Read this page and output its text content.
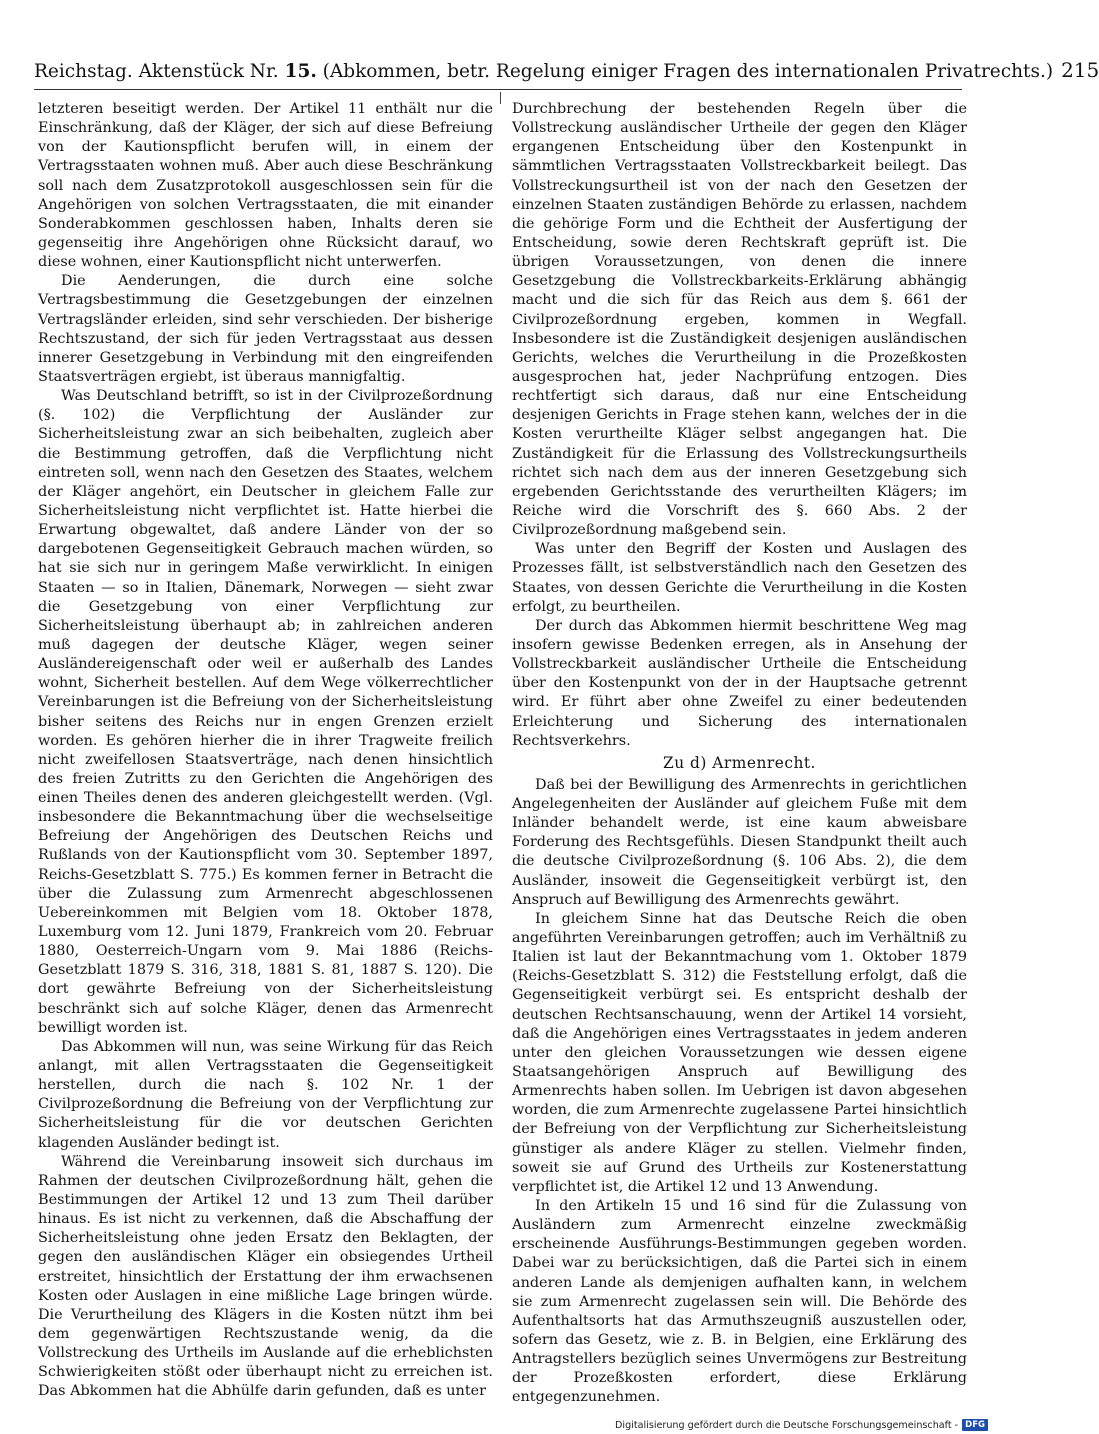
Reichstag. Aktenstück Nr. 15. (Abkommen, betr. Regelung einiger Fragen des internationalen Privatrechts.) 215

letzteren beseitigt werden. Der Artikel 11 enthält nur die Einschränkung, daß der Kläger, der sich auf diese Befreiung von der Kautionspflicht berufen will, in einem der Vertragsstaaten wohnen muß. Aber auch diese Beschränkung soll nach dem Zusatzprotokoll ausgeschlossen sein für die Angehörigen von solchen Vertragsstaaten, die mit einander Sonderabkommen geschlossen haben, Inhalts deren sie gegenseitig ihre Angehörigen ohne Rücksicht darauf, wo diese wohnen, einer Kautionspflicht nicht unterwerfen.

Die Aenderungen, die durch eine solche Vertragsbestimmung die Gesetzgebungen der einzelnen Vertragsländer erleiden, sind sehr verschieden. Der bisherige Rechtszustand, der sich für jeden Vertragsstaat aus dessen innerer Gesetzgebung in Verbindung mit den eingreifenden Staatsverträgen ergiebt, ist überaus mannigfaltig.

Was Deutschland betrifft, so ist in der Civilprozeßordnung (§. 102) die Verpflichtung der Ausländer zur Sicherheitsleistung zwar an sich beibehalten, zugleich aber die Bestimmung getroffen, daß die Verpflichtung nicht eintreten soll, wenn nach den Gesetzen des Staates, welchem der Kläger angehört, ein Deutscher in gleichem Falle zur Sicherheitsleistung nicht verpflichtet ist. Hatte hierbei die Erwartung obgewaltet, daß andere Länder von der so dargebotenen Gegenseitigkeit Gebrauch machen würden, so hat sie sich nur in geringem Maße verwirklicht. In einigen Staaten — so in Italien, Dänemark, Norwegen — sieht zwar die Gesetzgebung von einer Verpflichtung zur Sicherheitsleistung überhaupt ab; in zahlreichen anderen muß dagegen der deutsche Kläger, wegen seiner Ausländereigenschaft oder weil er außerhalb des Landes wohnt, Sicherheit bestellen. Auf dem Wege völkerrechtlicher Vereinbarungen ist die Befreiung von der Sicherheitsleistung bisher seitens des Reichs nur in engen Grenzen erzielt worden. Es gehören hierher die in ihrer Tragweite freilich nicht zweifellosen Staatsverträge, nach denen hinsichtlich des freien Zutritts zu den Gerichten die Angehörigen des einen Theiles denen des anderen gleichgestellt werden. (Vgl. insbesondere die Bekanntmachung über die wechselseitige Befreiung der Angehörigen des Deutschen Reichs und Rußlands von der Kautionspflicht vom 30. September 1897, Reichs-Gesetzblatt S. 775.) Es kommen ferner in Betracht die über die Zulassung zum Armenrecht abgeschlossenen Uebereinkommen mit Belgien vom 18. Oktober 1878, Luxemburg vom 12. Juni 1879, Frankreich vom 20. Februar 1880, Oesterreich-Ungarn vom 9. Mai 1886 (Reichs-Gesetzblatt 1879 S. 316, 318, 1881 S. 81, 1887 S. 120). Die dort gewährte Befreiung von der Sicherheitsleistung beschränkt sich auf solche Kläger, denen das Armenrecht bewilligt worden ist.

Das Abkommen will nun, was seine Wirkung für das Reich anlangt, mit allen Vertragsstaaten die Gegenseitigkeit herstellen, durch die nach §. 102 Nr. 1 der Civilprozeßordnung die Befreiung von der Verpflichtung zur Sicherheitsleistung für die vor deutschen Gerichten klagenden Ausländer bedingt ist.

Während die Vereinbarung insoweit sich durchaus im Rahmen der deutschen Civilprozeßordnung hält, gehen die Bestimmungen der Artikel 12 und 13 zum Theil darüber hinaus. Es ist nicht zu verkennen, daß die Abschaffung der Sicherheitsleistung ohne jeden Ersatz den Beklagten, der gegen den ausländischen Kläger ein obsiegendes Urtheil erstreitet, hinsichtlich der Erstattung der ihm erwachsenen Kosten oder Auslagen in eine mißliche Lage bringen würde. Die Verurtheilung des Klägers in die Kosten nützt ihm bei dem gegenwärtigen Rechtszustande wenig, da die Vollstreckung des Urtheils im Auslande auf die erheblichsten Schwierigkeiten stößt oder überhaupt nicht zu erreichen ist. Das Abkommen hat die Abhülfe darin gefunden, daß es unter

Durchbrechung der bestehenden Regeln über die Vollstreckung ausländischer Urtheile der gegen den Kläger ergangenen Entscheidung über den Kostenpunkt in sämmtlichen Vertragsstaaten Vollstreckbarkeit beilegt. Das Vollstreckungsurtheil ist von der nach den Gesetzen der einzelnen Staaten zuständigen Behörde zu erlassen, nachdem die gehörige Form und die Echtheit der Ausfertigung der Entscheidung, sowie deren Rechtskraft geprüft ist. Die übrigen Voraussetzungen, von denen die innere Gesetzgebung die Vollstreckbarkeits-Erklärung abhängig macht und die sich für das Reich aus dem §. 661 der Civilprozeßordnung ergeben, kommen in Wegfall. Insbesondere ist die Zuständigkeit desjenigen ausländischen Gerichts, welches die Verurtheilung in die Prozeßkosten ausgesprochen hat, jeder Nachprüfung entzogen. Dies rechtfertigt sich daraus, daß nur eine Entscheidung desjenigen Gerichts in Frage stehen kann, welches der in die Kosten verurtheilte Kläger selbst angegangen hat. Die Zuständigkeit für die Erlassung des Vollstreckungsurtheils richtet sich nach dem aus der inneren Gesetzgebung sich ergebenden Gerichtsstande des verurtheilten Klägers; im Reiche wird die Vorschrift des §. 660 Abs. 2 der Civilprozeßordnung maßgebend sein.

Was unter den Begriff der Kosten und Auslagen des Prozesses fällt, ist selbstverständlich nach den Gesetzen des Staates, von dessen Gerichte die Verurtheilung in die Kosten erfolgt, zu beurtheilen.

Der durch das Abkommen hiermit beschrittene Weg mag insofern gewisse Bedenken erregen, als in Ansehung der Vollstreckbarkeit ausländischer Urtheile die Entscheidung über den Kostenpunkt von der in der Hauptsache getrennt wird. Er führt aber ohne Zweifel zu einer bedeutenden Erleichterung und Sicherung des internationalen Rechtsverkehrs.

Zu d) Armenrecht.

Daß bei der Bewilligung des Armenrechts in gerichtlichen Angelegenheiten der Ausländer auf gleichem Fuße mit dem Inländer behandelt werde, ist eine kaum abweisbare Forderung des Rechtsgefühls. Diesen Standpunkt theilt auch die deutsche Civilprozeßordnung (§. 106 Abs. 2), die dem Ausländer, insoweit die Gegenseitigkeit verbürgt ist, den Anspruch auf Bewilligung des Armenrechts gewährt.

In gleichem Sinne hat das Deutsche Reich die oben angeführten Vereinbarungen getroffen; auch im Verhältniß zu Italien ist laut der Bekanntmachung vom 1. Oktober 1879 (Reichs-Gesetzblatt S. 312) die Feststellung erfolgt, daß die Gegenseitigkeit verbürgt sei. Es entspricht deshalb der deutschen Rechtsanschauung, wenn der Artikel 14 vorsieht, daß die Angehörigen eines Vertragsstaates in jedem anderen unter den gleichen Voraussetzungen wie dessen eigene Staatsangehörigen Anspruch auf Bewilligung des Armenrechts haben sollen. Im Uebrigen ist davon abgesehen worden, die zum Armenrechte zugelassene Partei hinsichtlich der Befreiung von der Verpflichtung zur Sicherheitsleistung günstiger als andere Kläger zu stellen. Vielmehr finden, soweit sie auf Grund des Urtheils zur Kostenerstattung verpflichtet ist, die Artikel 12 und 13 Anwendung.

In den Artikeln 15 und 16 sind für die Zulassung von Ausländern zum Armenrecht einzelne zweckmäßig erscheinende Ausführungs-Bestimmungen gegeben worden. Dabei war zu berücksichtigen, daß die Partei sich in einem anderen Lande als demjenigen aufhalten kann, in welchem sie zum Armenrecht zugelassen sein will. Die Behörde des Aufenthaltsorts hat das Armuthszeugniß auszustellen oder, sofern das Gesetz, wie z. B. in Belgien, eine Erklärung des Antragstellers bezüglich seines Unvermögens zur Bestreitung der Prozeßkosten erfordert, diese Erklärung entgegenzunehmen.

Digitalisierung gefördert durch die Deutsche Forschungsgemeinschaft - DFG
